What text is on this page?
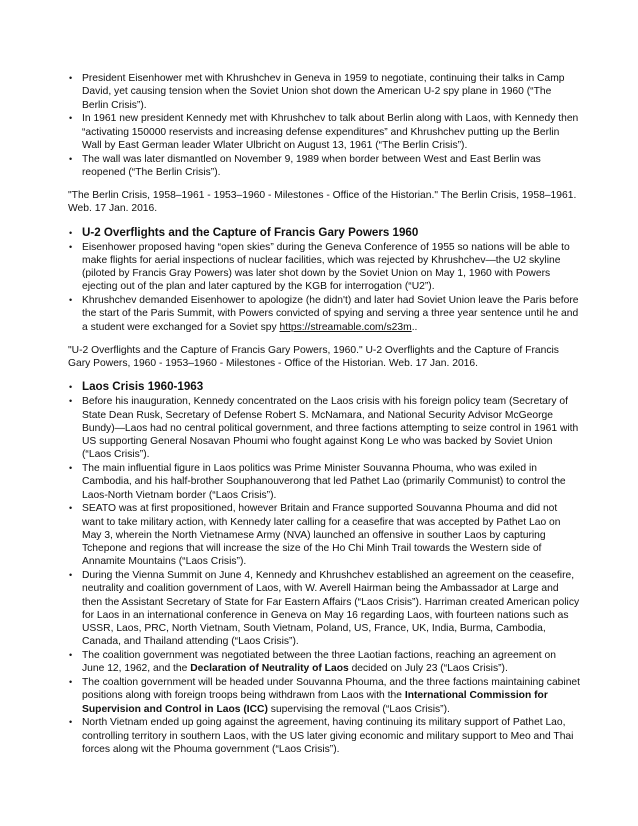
• President Eisenhower met with Khrushchev in Geneva in 1959 to negotiate, continuing their talks in Camp David, yet causing tension when the Soviet Union shot down the American U-2 spy plane in 1960 (“The Berlin Crisis”).
• In 1961 new president Kennedy met with Khrushchev to talk about Berlin along with Laos, with Kennedy then “activating 150000 reservists and increasing defense expenditures” and Khrushchev putting up the Berlin Wall by East German leader Wlater Ulbricht on August 13, 1961 (“The Berlin Crisis”).
• The wall was later dismantled on November 9, 1989 when border between West and East Berlin was reopened (“The Berlin Crisis”).

"The Berlin Crisis, 1958–1961 - 1953–1960 - Milestones - Office of the Historian." The Berlin Crisis, 1958–1961. Web. 17 Jan. 2016.

• U-2 Overflights and the Capture of Francis Gary Powers 1960

• Eisenhower proposed having “open skies” during the Geneva Conference of 1955 so nations will be able to make flights for aerial inspections of nuclear facilities, which was rejected by Khrushchev—the U2 skyline (piloted by Francis Gray Powers) was later shot down by the Soviet Union on May 1, 1960 with Powers ejecting out of the plan and later captured by the KGB for interrogation (“U2”).
• Khrushchev demanded Eisenhower to apologize (he didn't) and later had Soviet Union leave the Paris before the start of the Paris Summit, with Powers convicted of spying and serving a three year sentence until he and a student were exchanged for a Soviet spy https://streamable.com/s23m..

"U-2 Overflights and the Capture of Francis Gary Powers, 1960." U-2 Overflights and the Capture of Francis Gary Powers, 1960 - 1953–1960 - Milestones - Office of the Historian. Web. 17 Jan. 2016.

• Laos Crisis 1960-1963

• Before his inauguration, Kennedy concentrated on the Laos crisis with his foreign policy team (Secretary of State Dean Rusk, Secretary of Defense Robert S. McNamara, and National Security Advisor McGeorge Bundy)—Laos had no central political government, and three factions attempting to seize control in 1961 with US supporting General Nosavan Phoumi who fought against Kong Le who was backed by Soviet Union (“Laos Crisis”).
• The main influential figure in Laos politics was Prime Minister Souvanna Phouma, who was exiled in Cambodia, and his half-brother Souphanouverong that led Pathet Lao (primarily Communist) to control the Laos-North Vietnam border (“Laos Crisis”).
• SEATO was at first propositioned, however Britain and France supported Souvanna Phouma and did not want to take military action, with Kennedy later calling for a ceasefire that was accepted by Pathet Lao on May 3, wherein the North Vietnamese Army (NVA) launched an offensive in souther Laos by capturing Tchepone and regions that will increase the size of the Ho Chi Minh Trail towards the Western side of Annamite Mountains (“Laos Crisis”).
• During the Vienna Summit on June 4, Kennedy and Khrushchev established an agreement on the ceasefire, neutrality and coalition government of Laos, with W. Averell Hairman being the Ambassador at Large and then the Assistant Secretary of State for Far Eastern Affairs (“Laos Crisis”). Harriman created American policy for Laos in an international conference in Geneva on May 16 regarding Laos, with fourteen nations such as USSR, Laos, PRC, North Vietnam, South Vietnam, Poland, US, France, UK, India, Burma, Cambodia, Canada, and Thailand attending (“Laos Crisis”).
• The coalition government was negotiated between the three Laotian factions, reaching an agreement on June 12, 1962, and the Declaration of Neutrality of Laos decided on July 23 (“Laos Crisis”).
• The coaltion government will be headed under Souvanna Phouma, and the three factions maintaining cabinet positions along with foreign troops being withdrawn from Laos with the International Commission for Supervision and Control in Laos (ICC) supervising the removal (“Laos Crisis”).
• North Vietnam ended up going against the agreement, having continuing its military support of Pathet Lao, controlling territory in southern Laos, with the US later giving economic and military support to Meo and Thai forces along wit the Phouma government (“Laos Crisis”).
